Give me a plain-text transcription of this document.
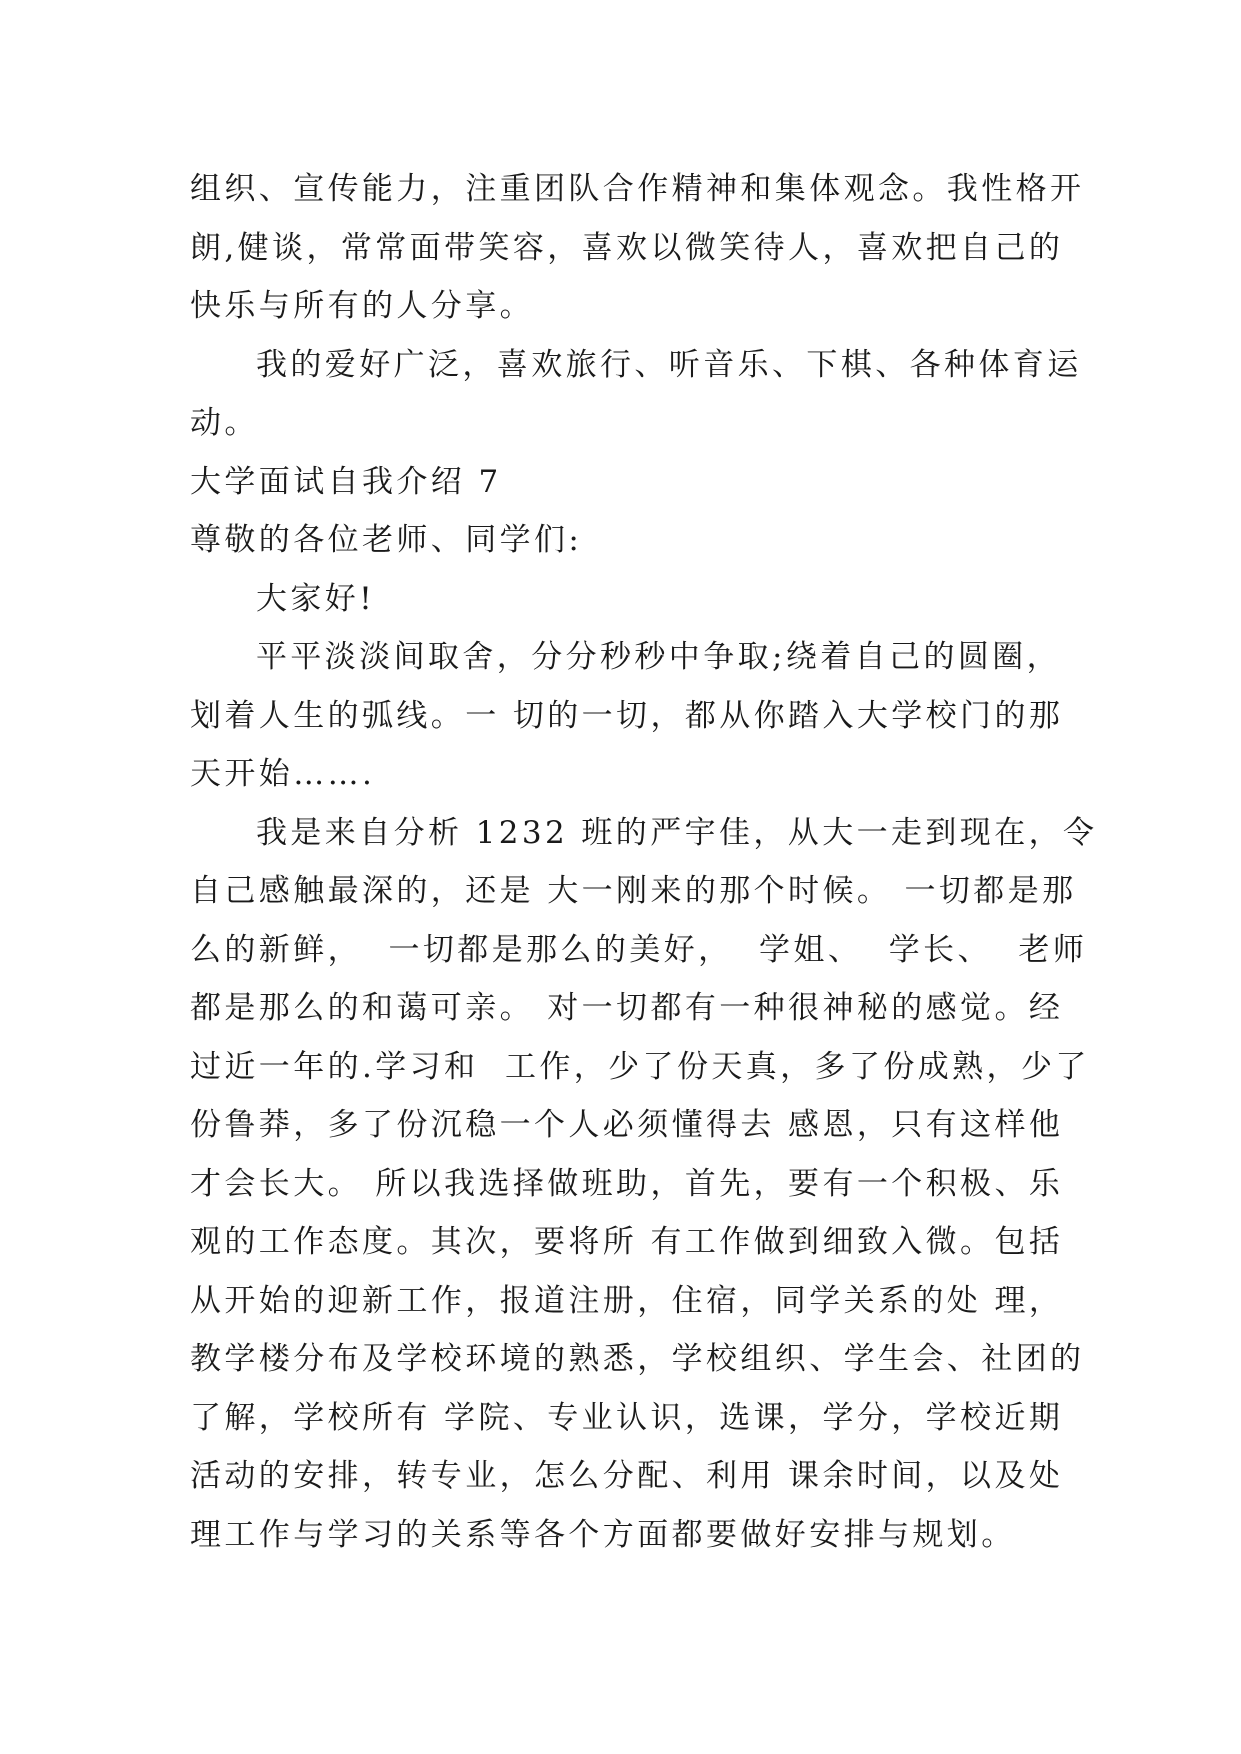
组织、宣传能力，注重团队合作精神和集体观念。我性格开
朗,健谈，常常面带笑容，喜欢以微笑待人，喜欢把自己的
快乐与所有的人分享。
我的爱好广泛，喜欢旅行、听音乐、下棋、各种体育运
动。
大学面试自我介绍 7
尊敬的各位老师、同学们:
大家好!
平平淡淡间取舍，分分秒秒中争取;绕着自己的圆圈，
划着人生的弧线。一 切的一切，都从你踏入大学校门的那
天开始…….
我是来自分析 1232 班的严宇佳，从大一走到现在，令
自己感触最深的，还是 大一刚来的那个时候。 一切都是那
么的新鲜，  一切都是那么的美好，  学姐、  学长、  老师
都是那么的和蔼可亲。 对一切都有一种很神秘的感觉。经
过近一年的.学习和  工作，少了份天真，多了份成熟，少了
份鲁莽，多了份沉稳一个人必须懂得去 感恩，只有这样他
才会长大。 所以我选择做班助，首先，要有一个积极、乐
观的工作态度。其次，要将所 有工作做到细致入微。包括
从开始的迎新工作，报道注册，住宿，同学关系的处 理，
教学楼分布及学校环境的熟悉，学校组织、学生会、社团的
了解，学校所有 学院、专业认识，选课，学分，学校近期
活动的安排，转专业，怎么分配、利用 课余时间，以及处
理工作与学习的关系等各个方面都要做好安排与规划。
